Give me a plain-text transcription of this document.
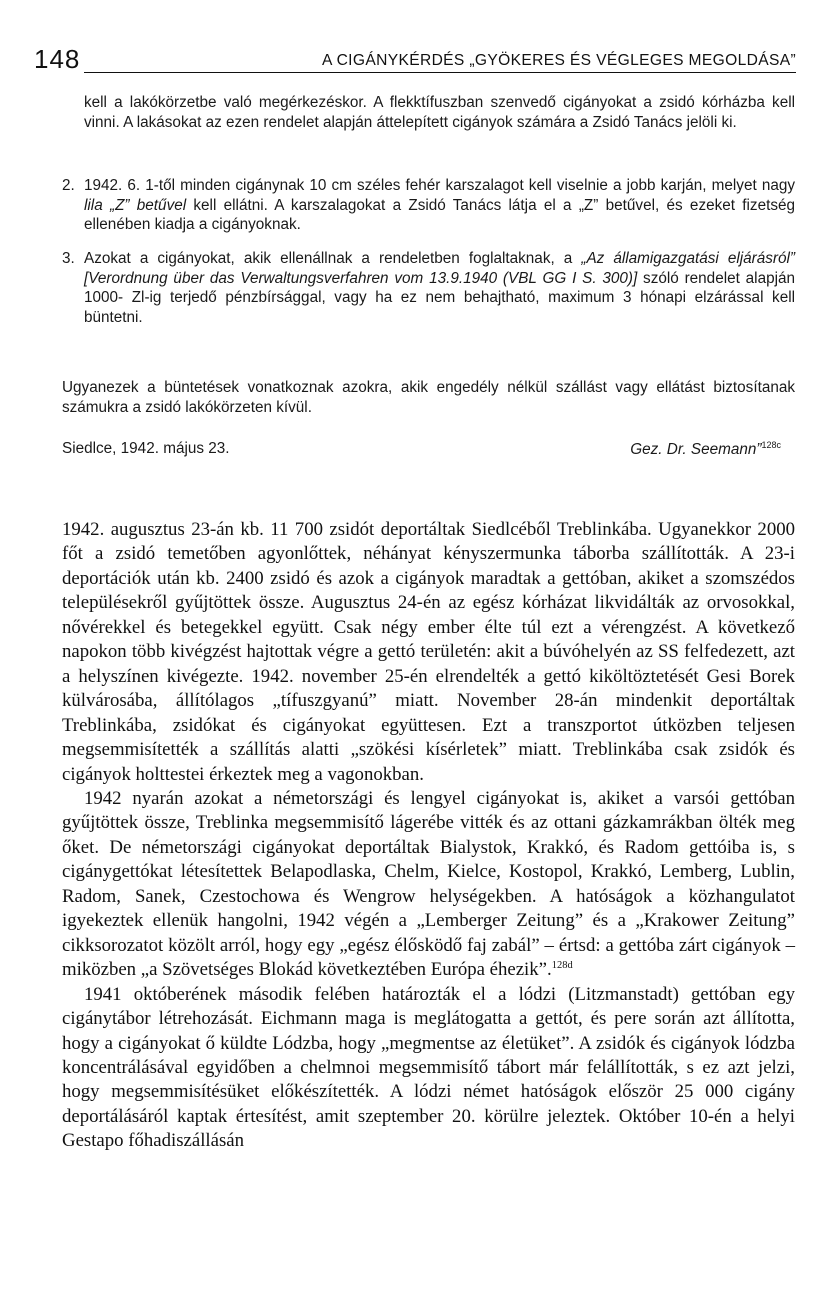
148	A CIGÁNYKÉRDÉS „GYÖKERES ÉS VÉGLEGES MEGOLDÁSA”

kell a lakókörzetbe való megérkezéskor. A flekktífuszban szenvedő cigányokat a zsidó kórházba kell vinni. A lakásokat az ezen rendelet alapján áttelepített cigányok számára a Zsidó Tanács jelöli ki.

2. 1942. 6. 1-től minden cigánynak 10 cm széles fehér karszalagot kell viselnie a jobb karján, melyet nagy lila „Z” betűvel kell ellátni. A karszalagokat a Zsidó Tanács látja el a „Z” betűvel, és ezeket fizetség ellenében kiadja a cigányoknak.
3. Azokat a cigányokat, akik ellenállnak a rendeletben foglaltaknak, a „Az államigazgatási eljárásról” [Verordnung über das Verwaltungsverfahren vom 13.9.1940 (VBL GG I S. 300)] szóló rendelet alapján 1000- Zl-ig terjedő pénzbírsággal, vagy ha ez nem behajtható, maximum 3 hónapi elzárással kell büntetni.

Ugyanezek a büntetések vonatkoznak azokra, akik engedély nélkül szállást vagy ellátást biztosítanak számukra a zsidó lakókörzeten kívül.

Siedlce, 1942. május 23.	Gez. Dr. Seemann”$^{128c}$

1942. augusztus 23-án kb. 11 700 zsidót deportáltak Siedlcéből Treblinkába. Ugyanekkor 2000 főt a zsidó temetőben agyonlőttek, néhányat kényszermunka táborba szállították. A 23-i deportációk után kb. 2400 zsidó és azok a cigányok maradtak a gettóban, akiket a szomszédos településekről gyűjtöttek össze. Augusztus 24-én az egész kórházat likvidálták az orvosokkal, nővérekkel és betegekkel együtt. Csak négy ember élte túl ezt a vérengzést. A következő napokon több kivégzést hajtottak végre a gettó területén: akit a búvóhelyén az SS felfedezett, azt a helyszínen kivégezte. 1942. november 25-én elrendelték a gettó kiköltöztetését Gesi Borek külvárosába, állítólagos „tífuszgyanú” miatt. November 28-án mindenkit deportáltak Treblinkába, zsidókat és cigányokat együttesen. Ezt a transzportot útközben teljesen megsemmisítették a szállítás alatti „szökési kísérletek” miatt. Treblinkába csak zsidók és cigányok holttestei érkeztek meg a vagonokban.

1942 nyarán azokat a németországi és lengyel cigányokat is, akiket a varsói gettóban gyűjtöttek össze, Treblinka megsemmisítő lágerébe vitték és az ottani gázkamrákban ölték meg őket. De németországi cigányokat deportáltak Bialystok, Krakkó, és Radom gettóiba is, s cigánygettókat létesítettek Belapodlaska, Chelm, Kielce, Kostopol, Krakkó, Lemberg, Lublin, Radom, Sanek, Czestochowa és Wengrow helységekben. A hatóságok a közhangulatot igyekeztek ellenük hangolni, 1942 végén a „Lemberger Zeitung” és a „Krakower Zeitung” cikksorozatot közölt arról, hogy egy „egész élősködő faj zabál” – értsd: a gettóba zárt cigányok – miközben „a Szövetséges Blokád következtében Európa éhezik”.$^{128d}$

1941 októberének második felében határozták el a lódzi (Litzmanstadt) gettóban egy cigánytábor létrehozását. Eichmann maga is meglátogatta a gettót, és pere során azt állította, hogy a cigányokat ő küldte Lódzba, hogy „megmentse az életüket”. A zsidók és cigányok lódzba koncentrálásával egyidőben a chelmnoi megsemmisítő tábort már felállították, s ez azt jelzi, hogy megsemmisítésüket előkészítették. A lódzi német hatóságok először 25 000 cigány deportálásáról kaptak értesítést, amit szeptember 20. körülre jeleztek. Október 10-én a helyi Gestapo főhadiszállásán
